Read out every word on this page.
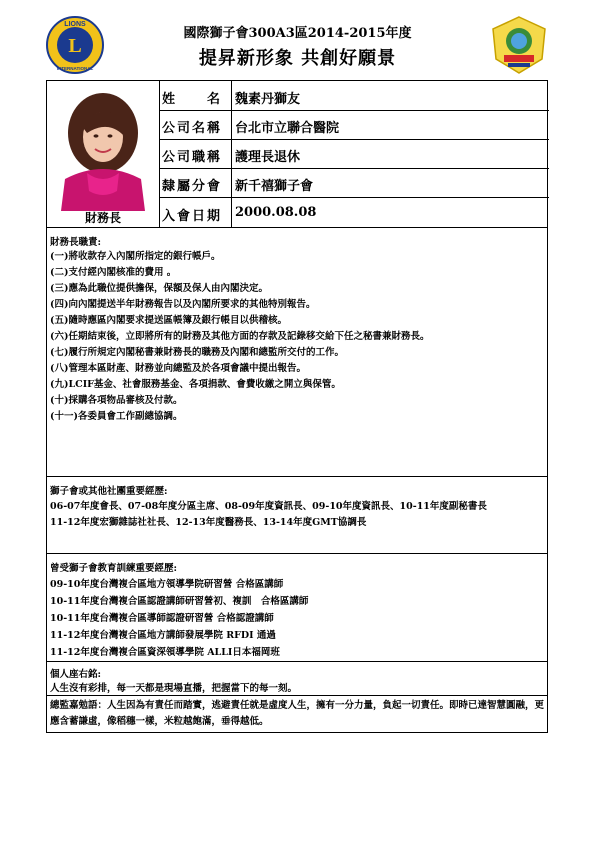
L
LIONS
INTERNATIONAL
國際獅子會300A3區2014-2015年度
提昇新形象 共創好願景
財務長
姓　　名 魏素丹獅友
公司名稱 台北市立聯合醫院
公司職稱 護理長退休
隸屬分會 新千禧獅子會
入會日期 2000.08.08
財務長職責:
(一)將收款存入內閣所指定的銀行帳戶。
(二)支付經內閣核准的費用 。
(三)應為此職位提供擔保，保額及保人由內閣決定。
(四)向內閣提送半年財務報告以及內閣所要求的其他特別報告。
(五)隨時應區內閣要求提送區帳簿及銀行帳目以供稽核。
(六)任期結束後，立即將所有的財務及其他方面的存款及記錄移交給下任之秘書兼財務長。
(七)履行所規定內閣秘書兼財務長的職務及內閣和總監所交付的工作。
(八)管理本區財產、財務並向總監及於各項會議中提出報告。
(九)LCIF基金、社會服務基金、各項捐款、會費收繳之開立與保管。
(十)採購各項物品審核及付款。
(十一)各委員會工作副總協調。
獅子會或其他社團重要經歷:
06-07年度會長、07-08年度分區主席、08-09年度資訊長、09-10年度資訊長、10-11年度副秘書長
11-12年度宏獅雜誌社社長、12-13年度醫務長、13-14年度GMT協調長
曾受獅子會教育訓練重要經歷:
09-10年度台灣複合區地方領導學院研習營 合格區講師
10-11年度台灣複合區認證講師研習營初、複訓　合格區講師
10-11年度台灣複合區導師認證研習營 合格認證講師
11-12年度台灣複合區地方講師發展學院 RFDI 通過
11-12年度台灣複合區資深領導學院 ALLI日本福岡班
個人座右銘:
人生沒有彩排，每一天都是現場直播，把握當下的每一刻。
總監嘉勉語：人生因為有責任而踏實，逃避責任就是虛度人生，擁有一分力量，負起一切責任。即時已達智慧圓融，更應含蓄謙虛，像稻穗一樣，米粒越飽滿，垂得越低。
